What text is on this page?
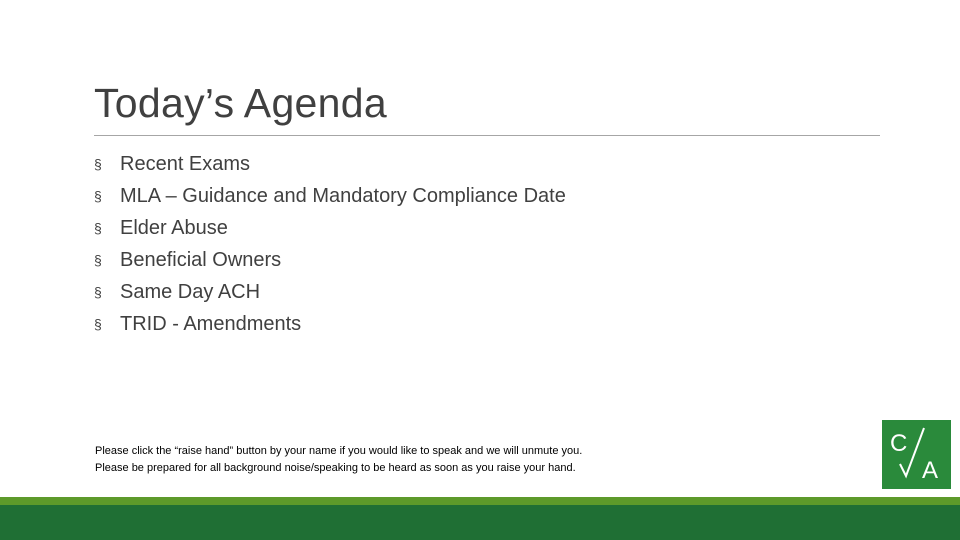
Today’s Agenda
§ Recent Exams
§ MLA – Guidance and Mandatory Compliance Date
§ Elder Abuse
§ Beneficial Owners
§ Same Day ACH
§ TRID - Amendments
Please click the “raise hand” button by your name if you would like to speak and we will unmute you.
Please be prepared for all background noise/speaking to be heard as soon as you raise your hand.
C
A
